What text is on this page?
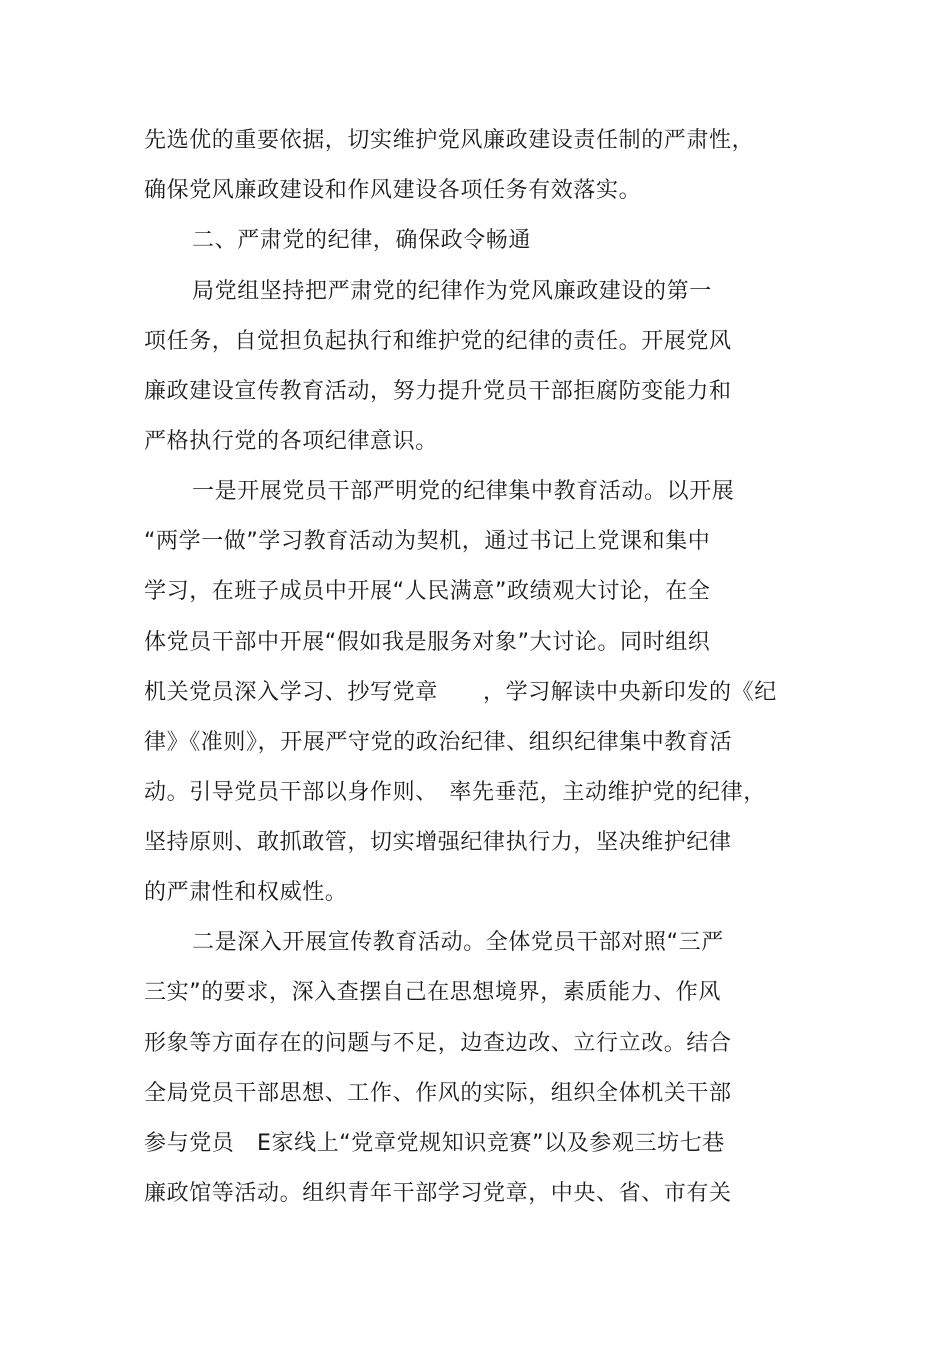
先选优的重要依据，切实维护党风廉政建设责任制的严肃性，
确保党风廉政建设和作风建设各项任务有效落实。
二、严肃党的纪律，确保政令畅通
局党组坚持把严肃党的纪律作为党风廉政建设的第一
项任务，自觉担负起执行和维护党的纪律的责任。开展党风
廉政建设宣传教育活动，努力提升党员干部拒腐防变能力和
严格执行党的各项纪律意识。
一是开展党员干部严明党的纪律集中教育活动。以开展
“两学一做”学习教育活动为契机，通过书记上党课和集中
学习，在班子成员中开展“人民满意”政绩观大讨论，在全
体党员干部中开展“假如我是服务对象”大讨论。同时组织
机关党员深入学习、抄写党章　　，学习解读中央新印发的《纪
律》《准则》，开展严守党的政治纪律、组织纪律集中教育活
动。引导党员干部以身作则、　率先垂范，主动维护党的纪律，
坚持原则、敢抓敢管，切实增强纪律执行力，坚决维护纪律
的严肃性和权威性。
二是深入开展宣传教育活动。全体党员干部对照“三严
三实”的要求，深入查摆自己在思想境界，素质能力、作风
形象等方面存在的问题与不足，边查边改、立行立改。结合
全局党员干部思想、工作、作风的实际，组织全体机关干部
参与党员　E家线上“党章党规知识竞赛”以及参观三坊七巷
廉政馆等活动。组织青年干部学习党章，中央、省、市有关
